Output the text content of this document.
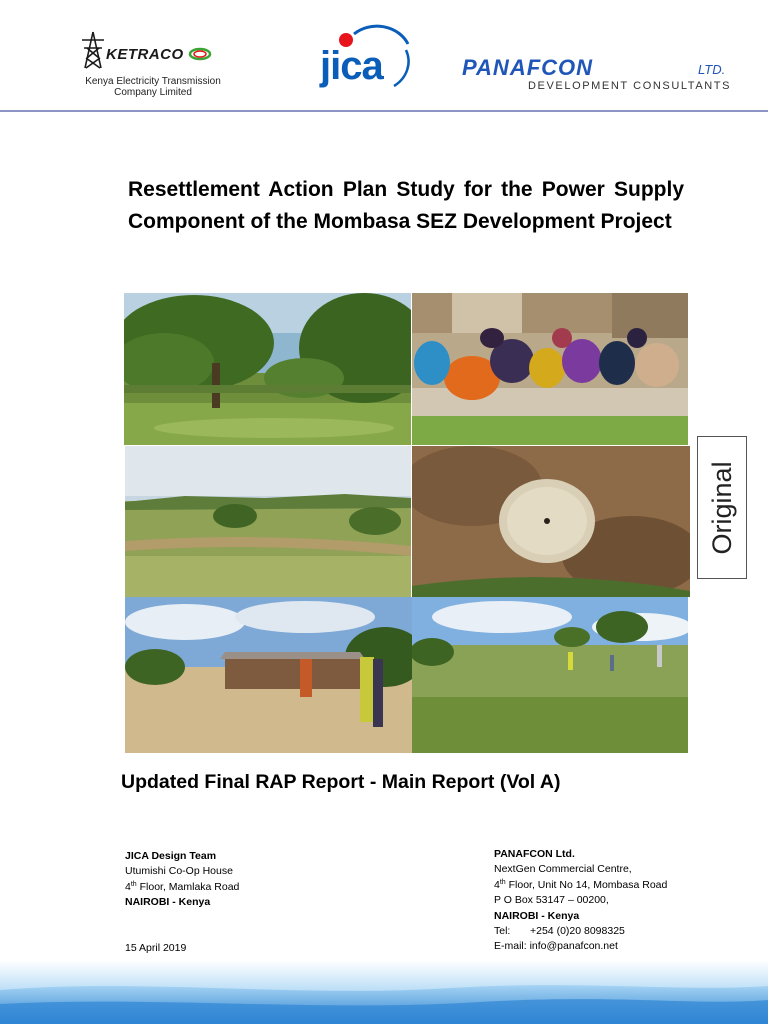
KETRACO
Kenya Electricity Transmission
Company Limited
jica	PANAFCON	LTD.
DEVELOPMENT CONSULTANTS
Resettlement Action Plan Study for the Power Supply Component of the Mombasa SEZ Development Project
Original
Updated Final RAP Report - Main Report (Vol A)
JICA Design Team
Utumishi Co-Op House
4th Floor, Mamlaka Road
NAIROBI - Kenya
15 April 2019
PANAFCON Ltd.
NextGen Commercial Centre,
4th Floor, Unit No 14, Mombasa Road
P O Box 53147 – 00200,
NAIROBI - Kenya
Tel: +254 (0)20 8098325
E-mail: info@panafcon.net
